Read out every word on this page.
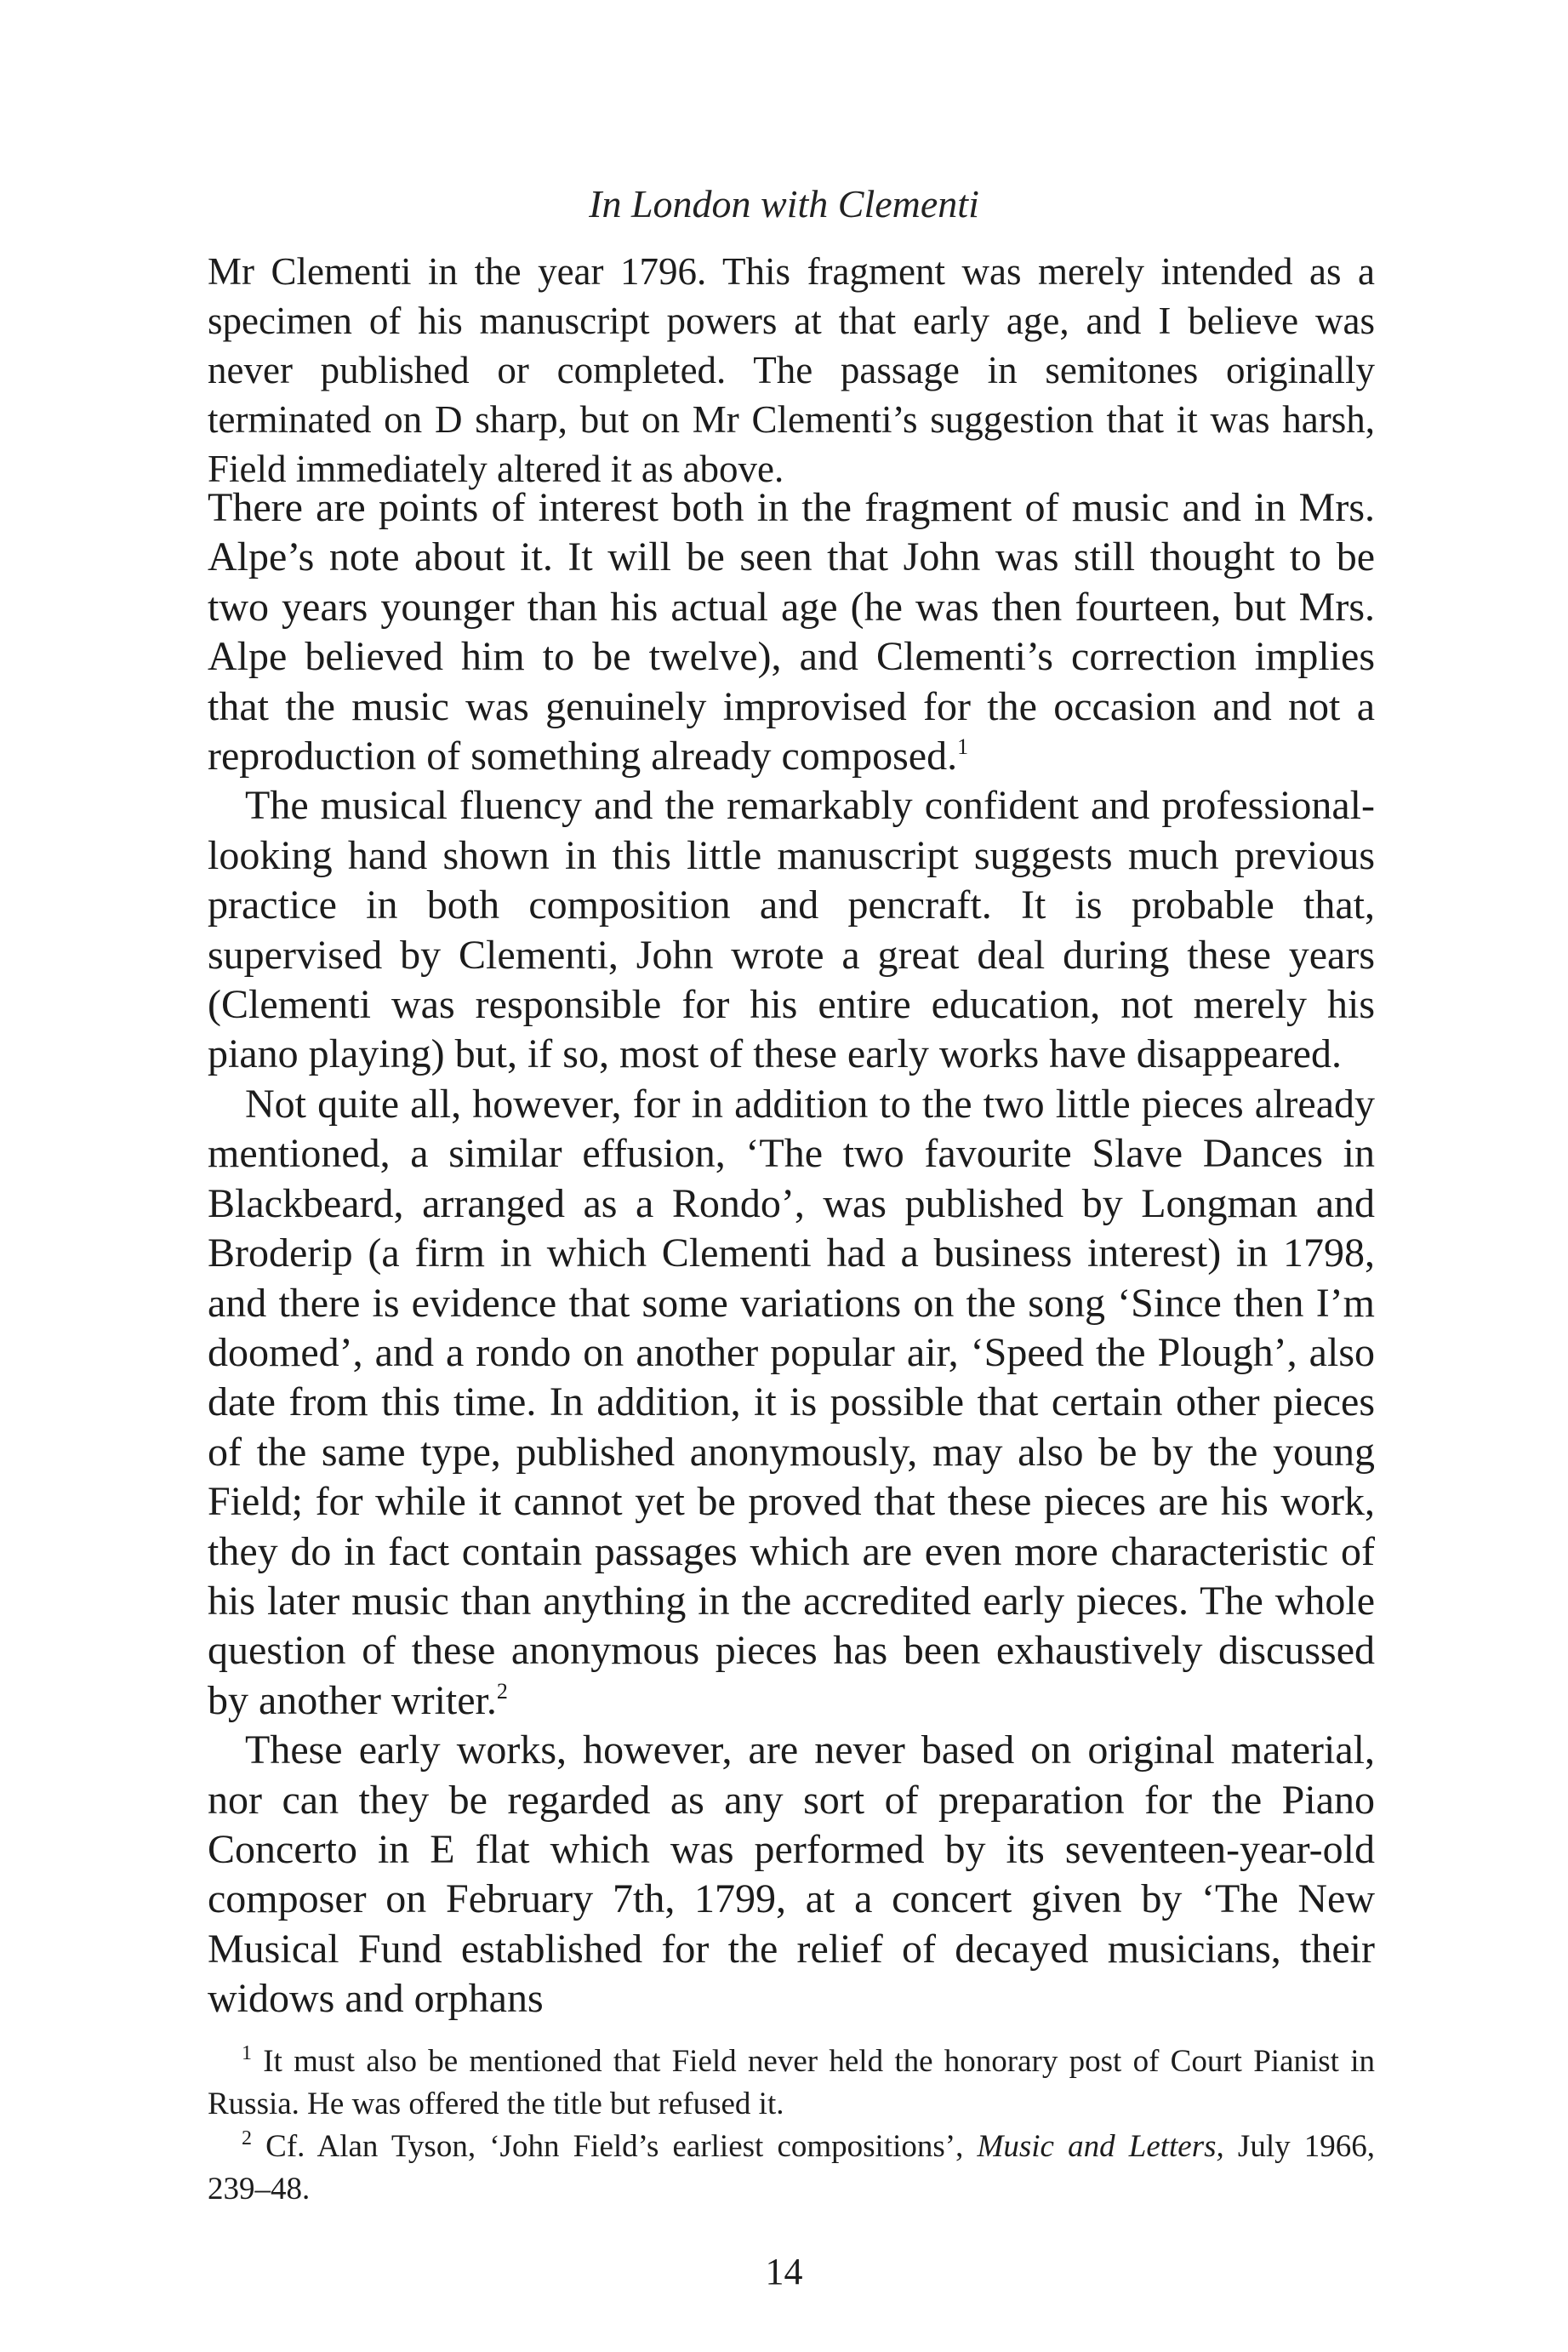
In London with Clementi
Mr Clementi in the year 1796. This fragment was merely intended as a specimen of his manuscript powers at that early age, and I believe was never published or completed. The passage in semitones originally terminated on D sharp, but on Mr Clementi’s suggestion that it was harsh, Field immediately altered it as above.

There are points of interest both in the fragment of music and in Mrs. Alpe’s note about it. It will be seen that John was still thought to be two years younger than his actual age (he was then fourteen, but Mrs. Alpe believed him to be twelve), and Clementi’s correction implies that the music was genuinely improvised for the occasion and not a reproduction of something already composed.$^1$

The musical fluency and the remarkably confident and professional-looking hand shown in this little manuscript suggests much previous practice in both composition and pencraft. It is probable that, supervised by Clementi, John wrote a great deal during these years (Clementi was responsible for his entire education, not merely his piano playing) but, if so, most of these early works have disappeared.

Not quite all, however, for in addition to the two little pieces already mentioned, a similar effusion, ‘The two favourite Slave Dances in Blackbeard, arranged as a Rondo’, was published by Longman and Broderip (a firm in which Clementi had a business interest) in 1798, and there is evidence that some variations on the song ‘Since then I’m doomed’, and a rondo on another popular air, ‘Speed the Plough’, also date from this time. In addition, it is possible that certain other pieces of the same type, published anonymously, may also be by the young Field; for while it cannot yet be proved that these pieces are his work, they do in fact contain passages which are even more characteristic of his later music than anything in the accredited early pieces. The whole question of these anonymous pieces has been exhaustively discussed by another writer.$^2$

These early works, however, are never based on original material, nor can they be regarded as any sort of preparation for the Piano Concerto in E flat which was performed by its seventeen-year-old composer on February 7th, 1799, at a concert given by ‘The New Musical Fund established for the relief of decayed musicians, their widows and orphans

$^1$ It must also be mentioned that Field never held the honorary post of Court Pianist in Russia. He was offered the title but refused it.

$^2$ Cf. Alan Tyson, ‘John Field’s earliest compositions’, Music and Letters, July 1966, 239–48.

14
